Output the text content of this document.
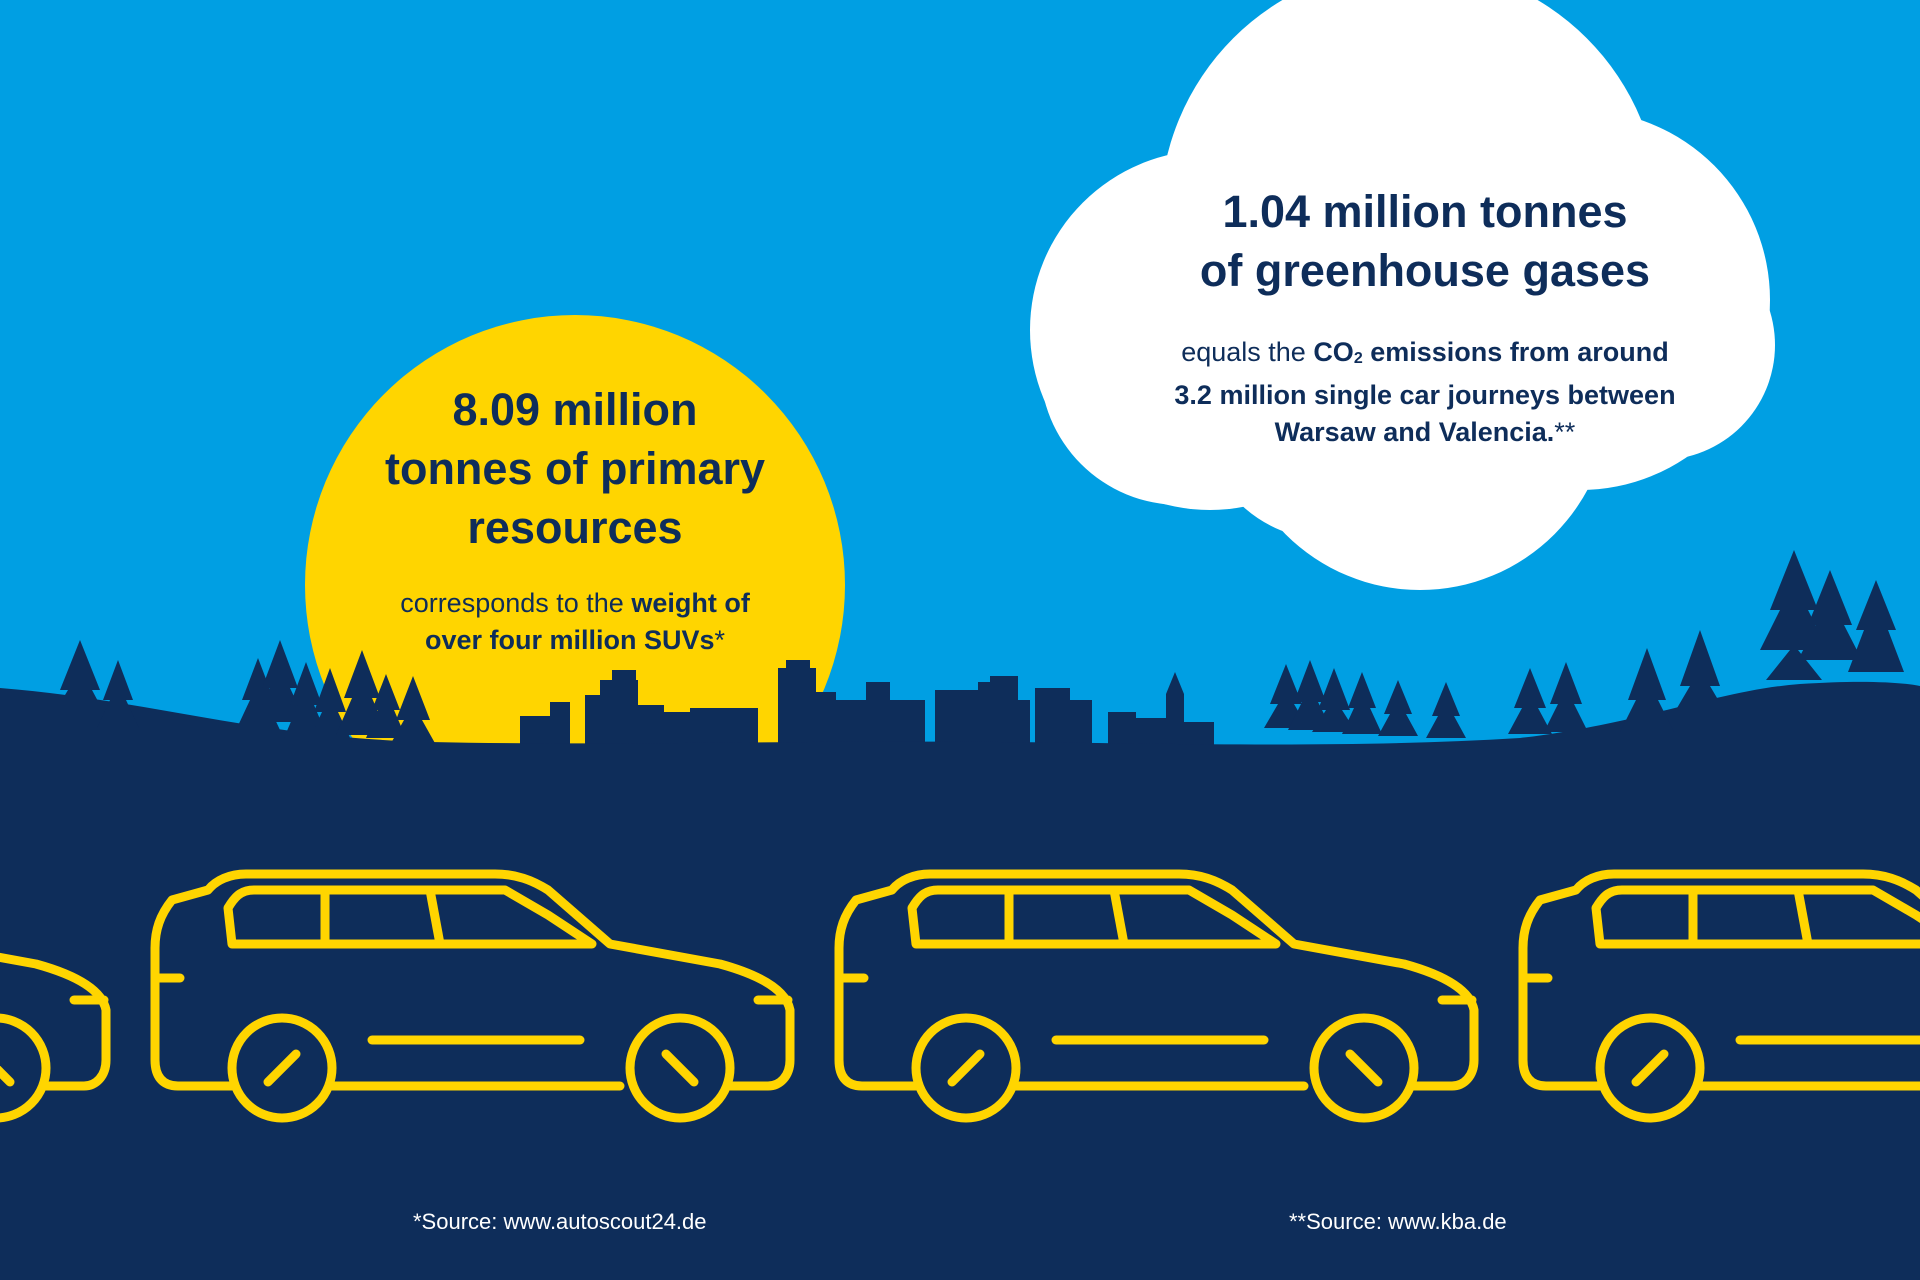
8.09 million
tonnes of primary
resources
corresponds to the weight of
over four million SUVs*
1.04 million tonnes
of greenhouse gases
equals the $CO_2$ emissions from around
3.2 million single car journeys between
Warsaw and Valencia.**
*Source: www.autoscout24.de	**Source: www.kba.de
